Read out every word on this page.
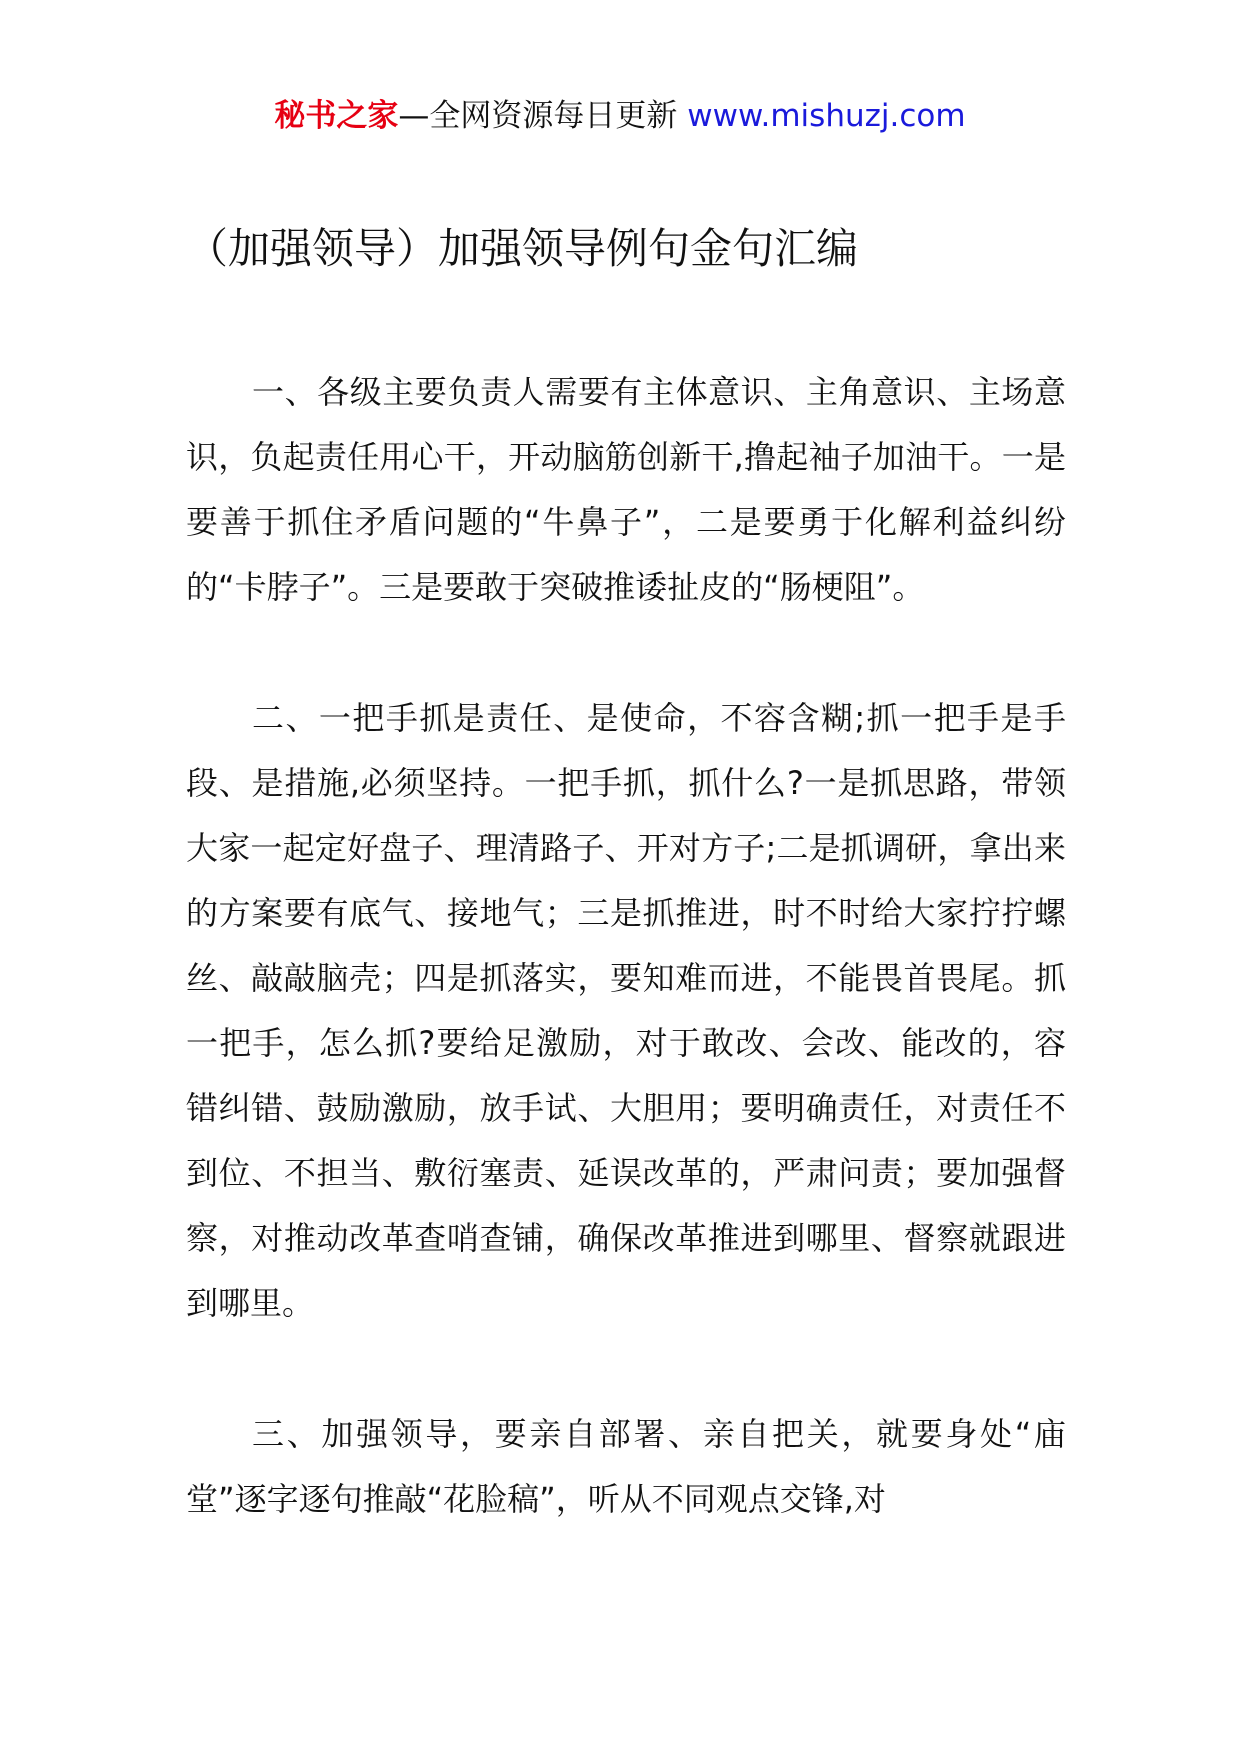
秘书之家—全网资源每日更新 www.mishuzj.com
（加强领导）加强领导例句金句汇编

一、各级主要负责人需要有主体意识、主角意识、主场意识，负起责任用心干，开动脑筋创新干,撸起袖子加油干。一是要善于抓住矛盾问题的“牛鼻子”，二是要勇于化解利益纠纷的“卡脖子”。三是要敢于突破推诿扯皮的“肠梗阻”。

二、一把手抓是责任、是使命，不容含糊;抓一把手是手段、是措施,必须坚持。一把手抓，抓什么?一是抓思路，带领大家一起定好盘子、理清路子、开对方子;二是抓调研，拿出来的方案要有底气、接地气；三是抓推进，时不时给大家拧拧螺丝、敲敲脑壳；四是抓落实，要知难而进，不能畏首畏尾。抓一把手，怎么抓?要给足激励，对于敢改、会改、能改的，容错纠错、鼓励激励，放手试、大胆用；要明确责任，对责任不到位、不担当、敷衍塞责、延误改革的，严肃问责；要加强督察，对推动改革查哨查铺，确保改革推进到哪里、督察就跟进到哪里。

三、加强领导，要亲自部署、亲自把关，就要身处“庙堂”逐字逐句推敲“花脸稿”，听从不同观点交锋,对
